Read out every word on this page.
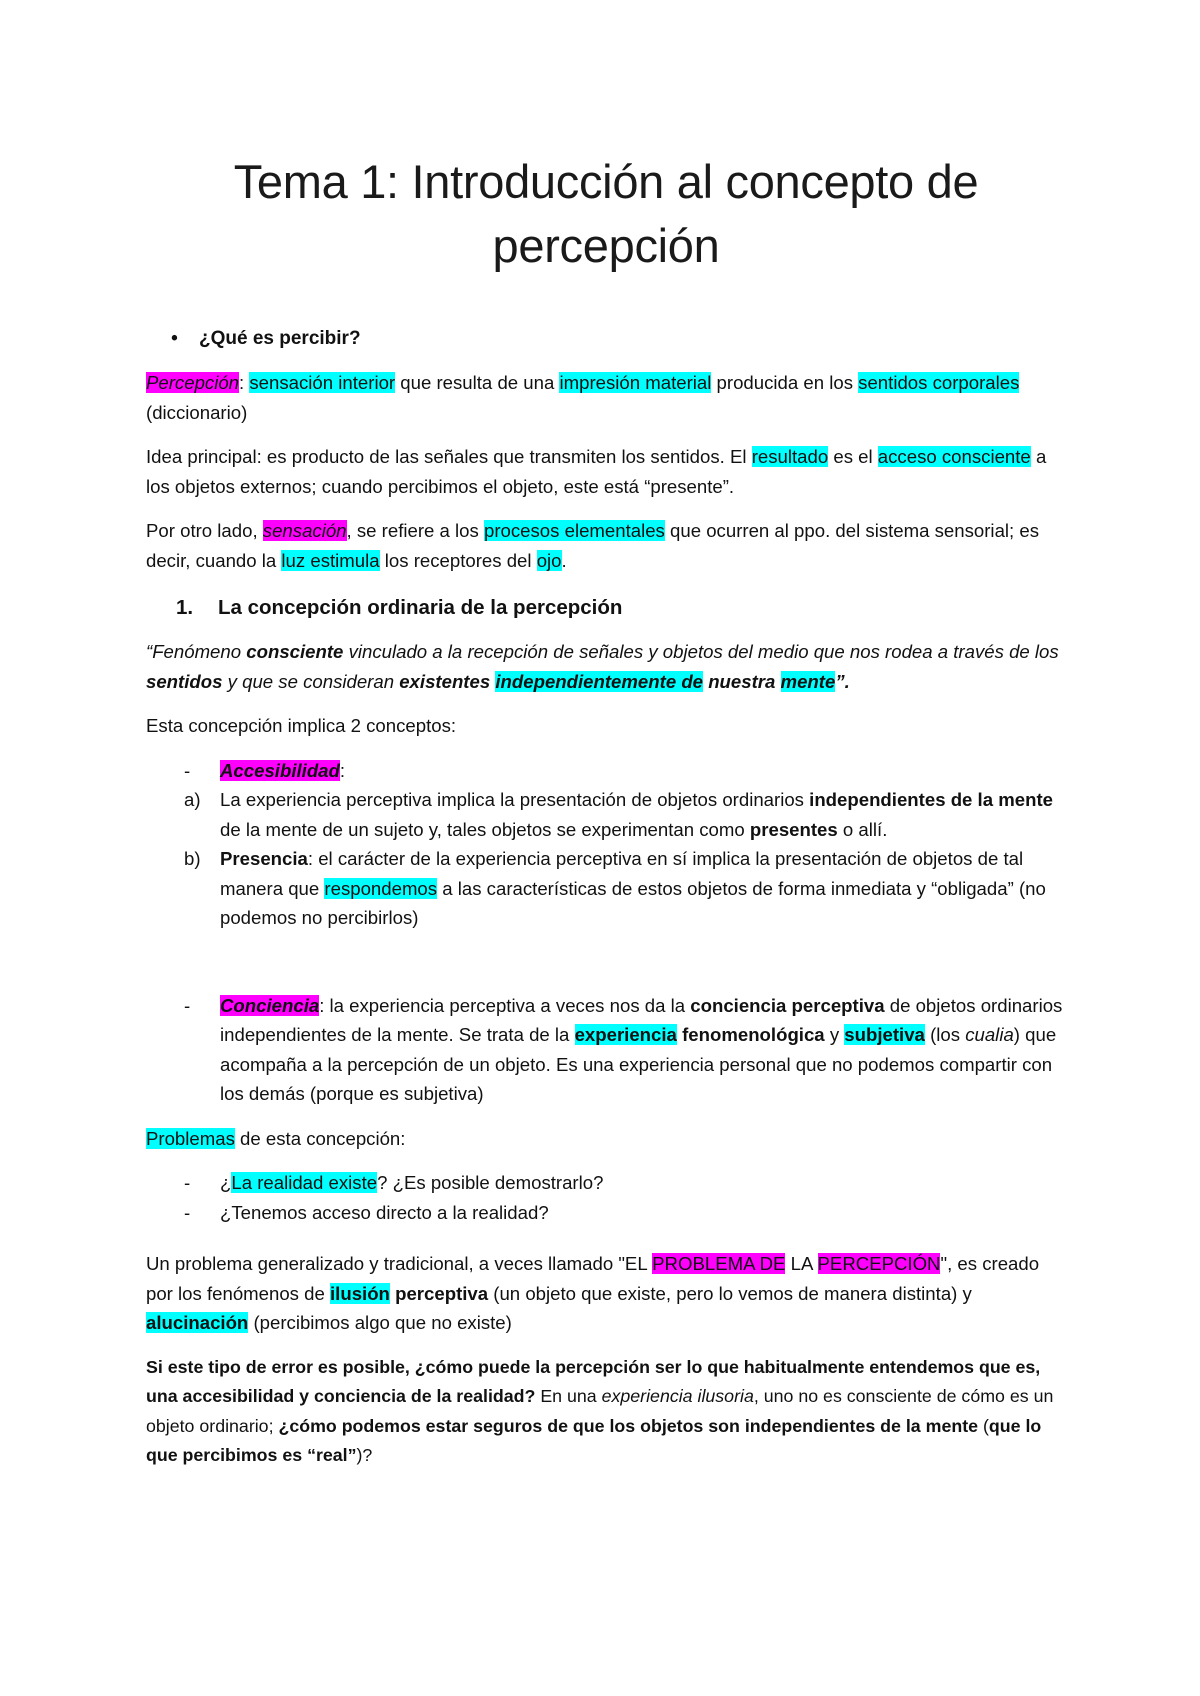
Tema 1: Introducción al concepto de
percepción
•	¿Qué es percibir?

Percepción: sensación interior que resulta de una impresión material producida en los sentidos corporales (diccionario)

Idea principal: es producto de las señales que transmiten los sentidos. El resultado es el acceso consciente a los objetos externos; cuando percibimos el objeto, este está “presente”.

Por otro lado, sensación, se refiere a los procesos elementales que ocurren al ppo. del sistema sensorial; es decir, cuando la luz estimula los receptores del ojo.

1.	La concepción ordinaria de la percepción

“Fenómeno consciente vinculado a la recepción de señales y objetos del medio que nos rodea a través de los sentidos y que se consideran existentes independientemente de nuestra mente”.

Esta concepción implica 2 conceptos:

-	Accesibilidad:
a)	La experiencia perceptiva implica la presentación de objetos ordinarios independientes de la mente de la mente de un sujeto y, tales objetos se experimentan como presentes o allí.
b)	Presencia: el carácter de la experiencia perceptiva en sí implica la presentación de objetos de tal manera que respondemos a las características de estos objetos de forma inmediata y “obligada” (no podemos no percibirlos)
-	Conciencia: la experiencia perceptiva a veces nos da la conciencia perceptiva de objetos ordinarios independientes de la mente. Se trata de la experiencia fenomenológica y subjetiva (los cualia) que acompaña a la percepción de un objeto. Es una experiencia personal que no podemos compartir con los demás (porque es subjetiva)

Problemas de esta concepción:

-	¿La realidad existe? ¿Es posible demostrarlo?
-	¿Tenemos acceso directo a la realidad?

Un problema generalizado y tradicional, a veces llamado "EL PROBLEMA DE LA PERCEPCIÓN", es creado por los fenómenos de ilusión perceptiva (un objeto que existe, pero lo vemos de manera distinta) y alucinación (percibimos algo que no existe)

Si este tipo de error es posible, ¿cómo puede la percepción ser lo que habitualmente entendemos que es, una accesibilidad y conciencia de la realidad? En una experiencia ilusoria, uno no es consciente de cómo es un objeto ordinario; ¿cómo podemos estar seguros de que los objetos son independientes de la mente (que lo que percibimos es “real”)?
